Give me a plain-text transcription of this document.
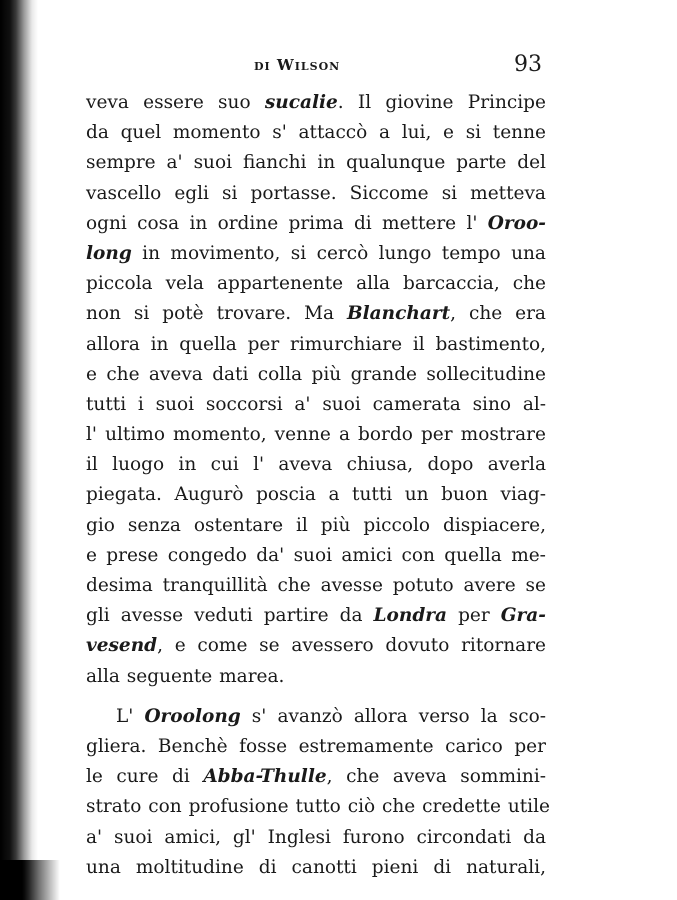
di Wilson	93
veva essere suo sucalie. Il giovine Principe
da quel momento s' attaccò a lui, e si tenne
sempre a' suoi fianchi in qualunque parte del
vascello egli si portasse. Siccome si metteva
ogni cosa in ordine prima di mettere l' Oroo-
long in movimento, si cercò lungo tempo una
piccola vela appartenente alla barcaccia, che
non si potè trovare. Ma Blanchart, che era
allora in quella per rimurchiare il bastimento,
e che aveva dati colla più grande sollecitudine
tutti i suoi soccorsi a' suoi camerata sino al-
l' ultimo momento, venne a bordo per mostrare
il luogo in cui l' aveva chiusa, dopo averla
piegata. Augurò poscia a tutti un buon viag-
gio senza ostentare il più piccolo dispiacere,
e prese congedo da' suoi amici con quella me-
desima tranquillità che avesse potuto avere se
gli avesse veduti partire da Londra per Gra-
vesend, e come se avessero dovuto ritornare
alla seguente marea.
L' Oroolong s' avanzò allora verso la sco-
gliera. Benchè fosse estremamente carico per
le cure di Abba-Thulle, che aveva sommini-
strato con profusione tutto ciò che credette utile
a' suoi amici, gl' Inglesi furono circondati da
una moltitudine di canotti pieni di naturali,
